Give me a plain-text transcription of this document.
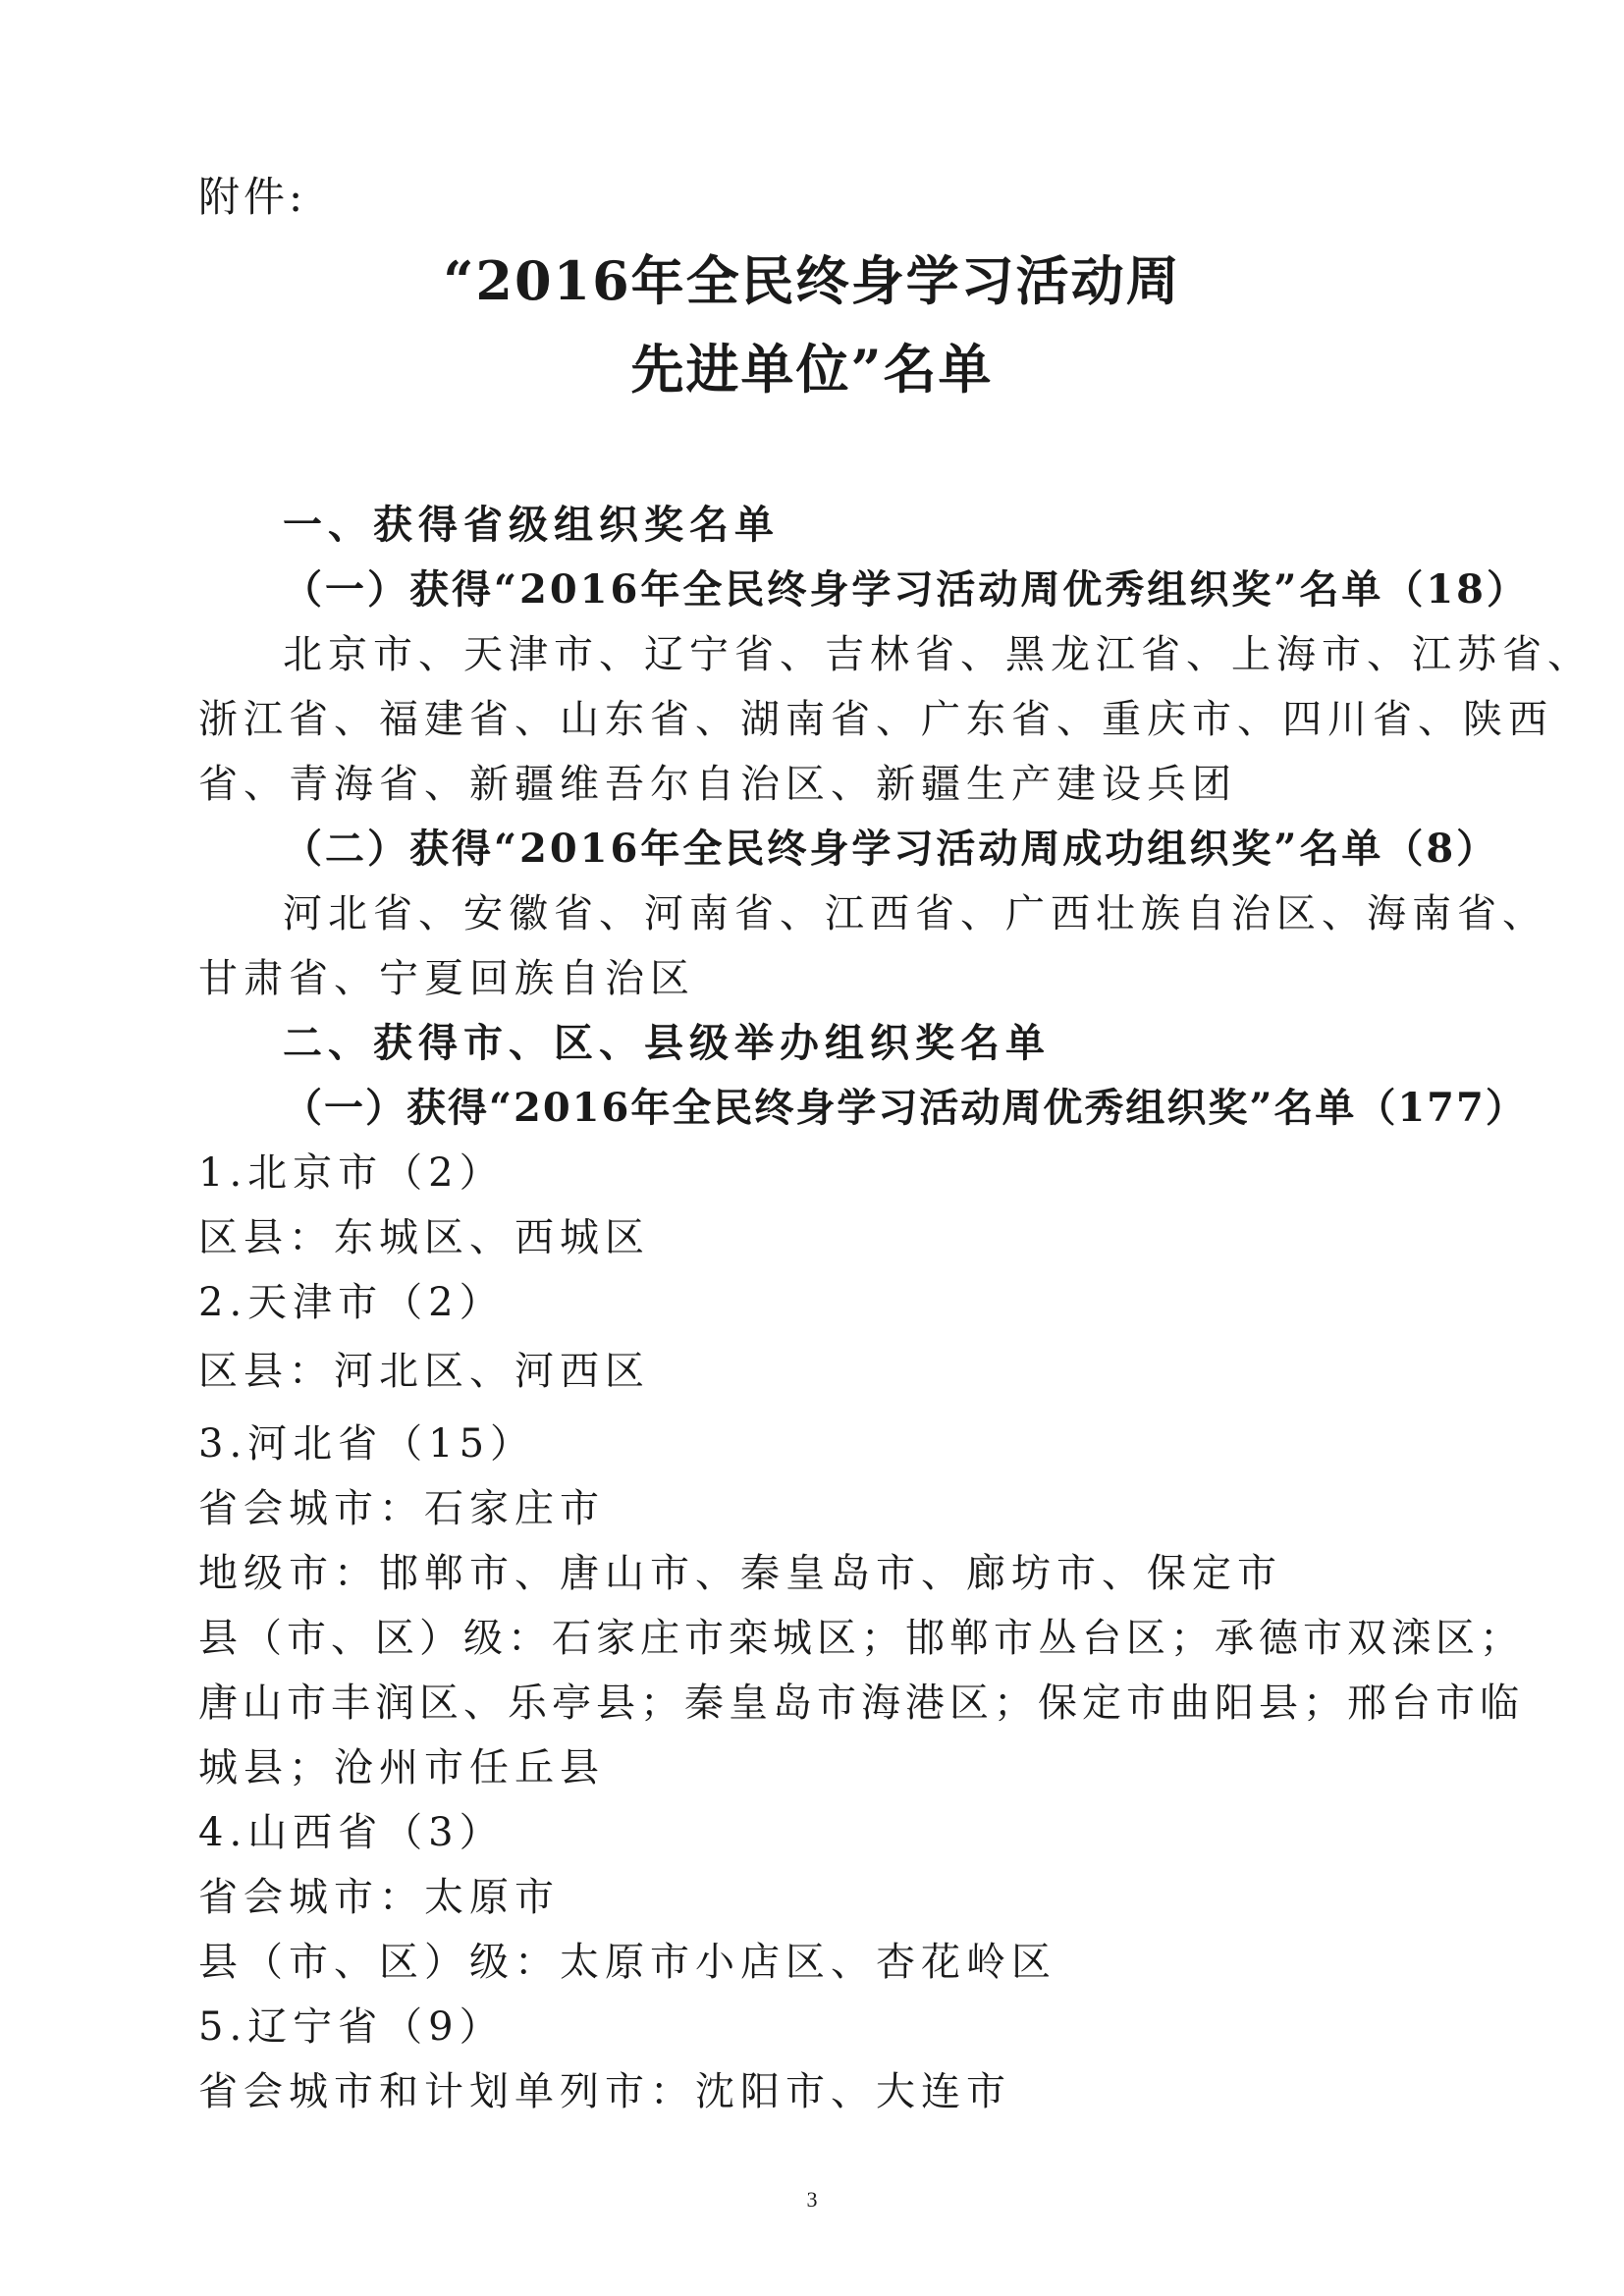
附件:
“2016年全民终身学习活动周
先进单位”名单
一、获得省级组织奖名单
（一）获得“2016年全民终身学习活动周优秀组织奖”名单（18）
北京市、天津市、辽宁省、吉林省、黑龙江省、上海市、江苏省、
浙江省、福建省、山东省、湖南省、广东省、重庆市、四川省、陕西
省、青海省、新疆维吾尔自治区、新疆生产建设兵团
（二）获得“2016年全民终身学习活动周成功组织奖”名单（8）
河北省、安徽省、河南省、江西省、广西壮族自治区、海南省、
甘肃省、宁夏回族自治区
二、获得市、区、县级举办组织奖名单
（一）获得“2016年全民终身学习活动周优秀组织奖”名单（177）
1.北京市（2）
区县：东城区、西城区
2.天津市（2）
区县：河北区、河西区
3.河北省（15）
省会城市：石家庄市
地级市：邯郸市、唐山市、秦皇岛市、廊坊市、保定市
县（市、区）级：石家庄市栾城区；邯郸市丛台区；承德市双滦区；
唐山市丰润区、乐亭县；秦皇岛市海港区；保定市曲阳县；邢台市临
城县；沧州市任丘县
4.山西省（3）
省会城市：太原市
县（市、区）级：太原市小店区、杏花岭区
5.辽宁省（9）
省会城市和计划单列市：沈阳市、大连市
3
